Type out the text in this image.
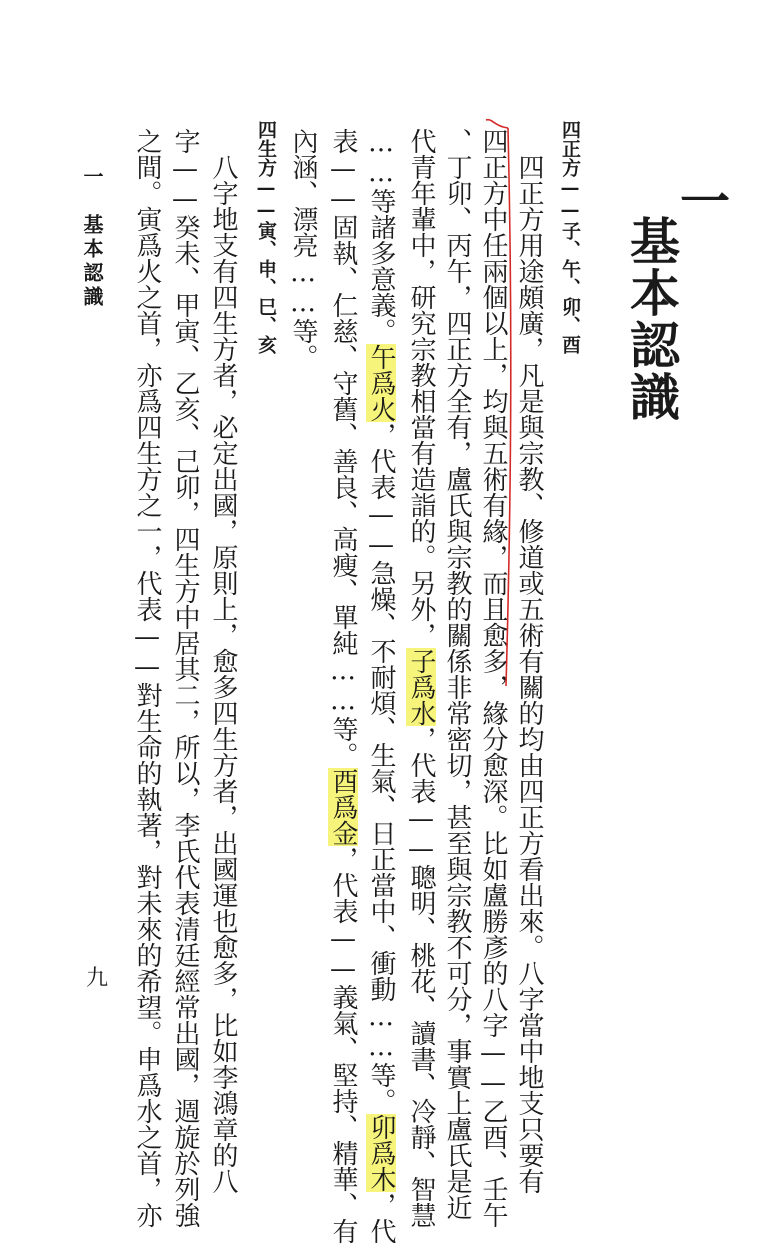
一
基本認識
四正方——子、午、卯、酉
　四正方用途頗廣，凡是與宗教、修道或五術有關的均由四正方看出來。八字當中地支只要有
四正方中任兩個以上，均與五術有緣，而且愈多，緣分愈深。比如盧勝彥的八字——乙酉、壬午
、丁卯、丙午，四正方全有，盧氏與宗教的關係非常密切，甚至與宗教不可分，事實上盧氏是近
代青年輩中，研究宗教相當有造詣的。另外，子爲水，代表——聰明、桃花、讀書、冷靜、智慧
……等諸多意義。午爲火，代表——急燥、不耐煩、生氣、日正當中、衝動……等。卯爲木，代
表——固執、仁慈、守舊、善良、高瘦、單純……等。酉爲金，代表——義氣、堅持、精華、有
內涵、漂亮……等。
四生方——寅、申、巳、亥
　八字地支有四生方者，必定出國，原則上，愈多四生方者，出國運也愈多，比如李鴻章的八
字——癸未、甲寅、乙亥、己卯，四生方中居其二，所以，李氏代表清廷經常出國，週旋於列強
之間。寅爲火之首，亦爲四生方之一，代表——對生命的執著，對未來的希望。申爲水之首，亦
一　基本認識
九
